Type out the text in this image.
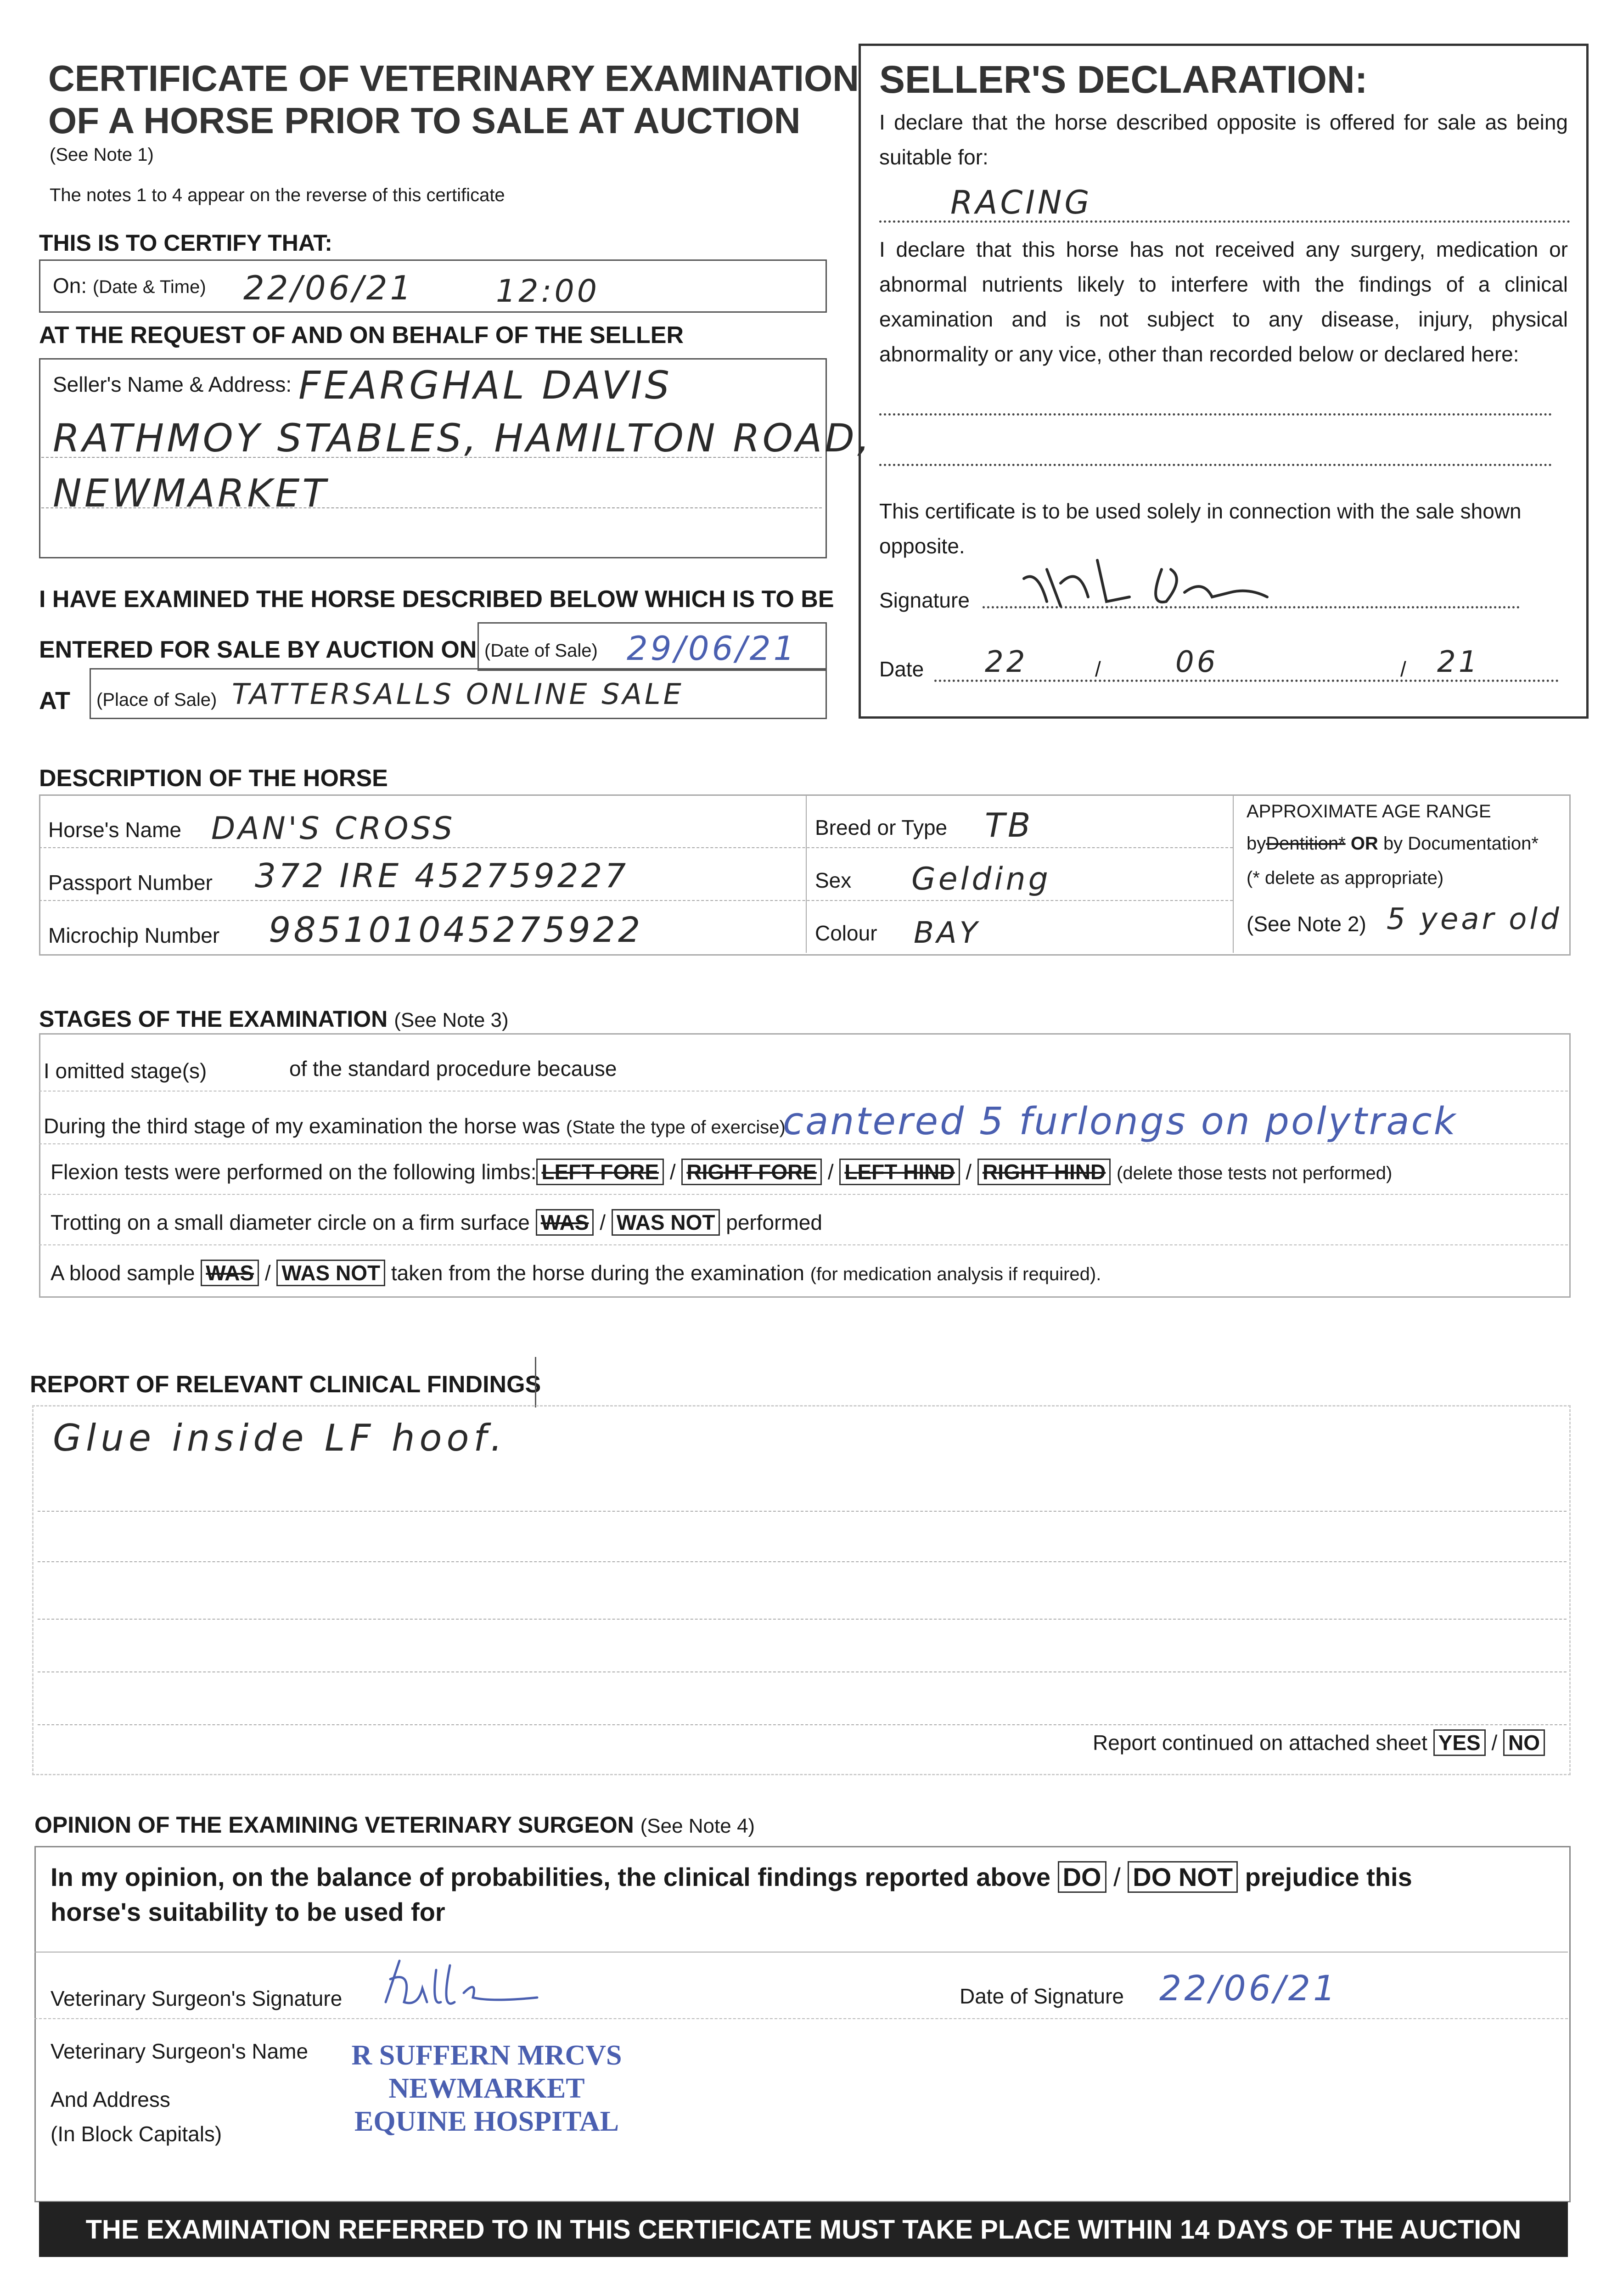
CERTIFICATE OF VETERINARY EXAMINATION
OF A HORSE PRIOR TO SALE AT AUCTION
(See Note 1)
The notes 1 to 4 appear on the reverse of this certificate
THIS IS TO CERTIFY THAT:
On: (Date & Time) 22/06/21	12:00
AT THE REQUEST OF AND ON BEHALF OF THE SELLER
Seller's Name & Address: FEARGHAL DAVIS
RATHMOY STABLES, HAMILTON ROAD,
NEWMARKET
I HAVE EXAMINED THE HORSE DESCRIBED BELOW WHICH IS TO BE
ENTERED FOR SALE BY AUCTION ON (Date of Sale) 29/06/21
AT (Place of Sale) TATTERSALLS ONLINE SALE
SELLER'S DECLARATION:
I declare that the horse described opposite is offered for sale as being suitable for:
RACING
I declare that this horse has not received any surgery, medication or abnormal nutrients likely to interfere with the findings of a clinical examination and is not subject to any disease, injury, physical abnormality or any vice, other than recorded below or declared here:
This certificate is to be used solely in connection with the sale shown opposite.
Signature
Date 22	/	06	/ 21
DESCRIPTION OF THE HORSE
Horse's Name DAN'S CROSS
Passport Number 372 IRE 452759227
Microchip Number 985101045275922
Breed or Type TB
Sex Gelding
Colour BAY
APPROXIMATE AGE RANGE
byDentition* OR by Documentation*
(* delete as appropriate)
(See Note 2) 5 year old
STAGES OF THE EXAMINATION (See Note 3)
I omitted stage(s)	of the standard procedure because
During the third stage of my examination the horse was (State the type of exercise)
cantered 5 furlongs on polytrack
Flexion tests were performed on the following limbs: LEFT FORE / RIGHT FORE / LEFT HIND / RIGHT HIND (delete those tests not performed)
Trotting on a small diameter circle on a firm surface WAS / WAS NOT performed
A blood sample WAS / WAS NOT taken from the horse during the examination (for medication analysis if required).
REPORT OF RELEVANT CLINICAL FINDINGS
Glue inside LF hoof.
Report continued on attached sheet YES / NO
OPINION OF THE EXAMINING VETERINARY SURGEON (See Note 4)
In my opinion, on the balance of probabilities, the clinical findings reported above DO / DO NOT prejudice this
horse's suitability to be used for
Veterinary Surgeon's Signature	Date of Signature 22/06/21
Veterinary Surgeon's Name
And Address
(In Block Capitals)
R SUFFERN MRCVS
NEWMARKET
EQUINE HOSPITAL
THE EXAMINATION REFERRED TO IN THIS CERTIFICATE MUST TAKE PLACE WITHIN 14 DAYS OF THE AUCTION
